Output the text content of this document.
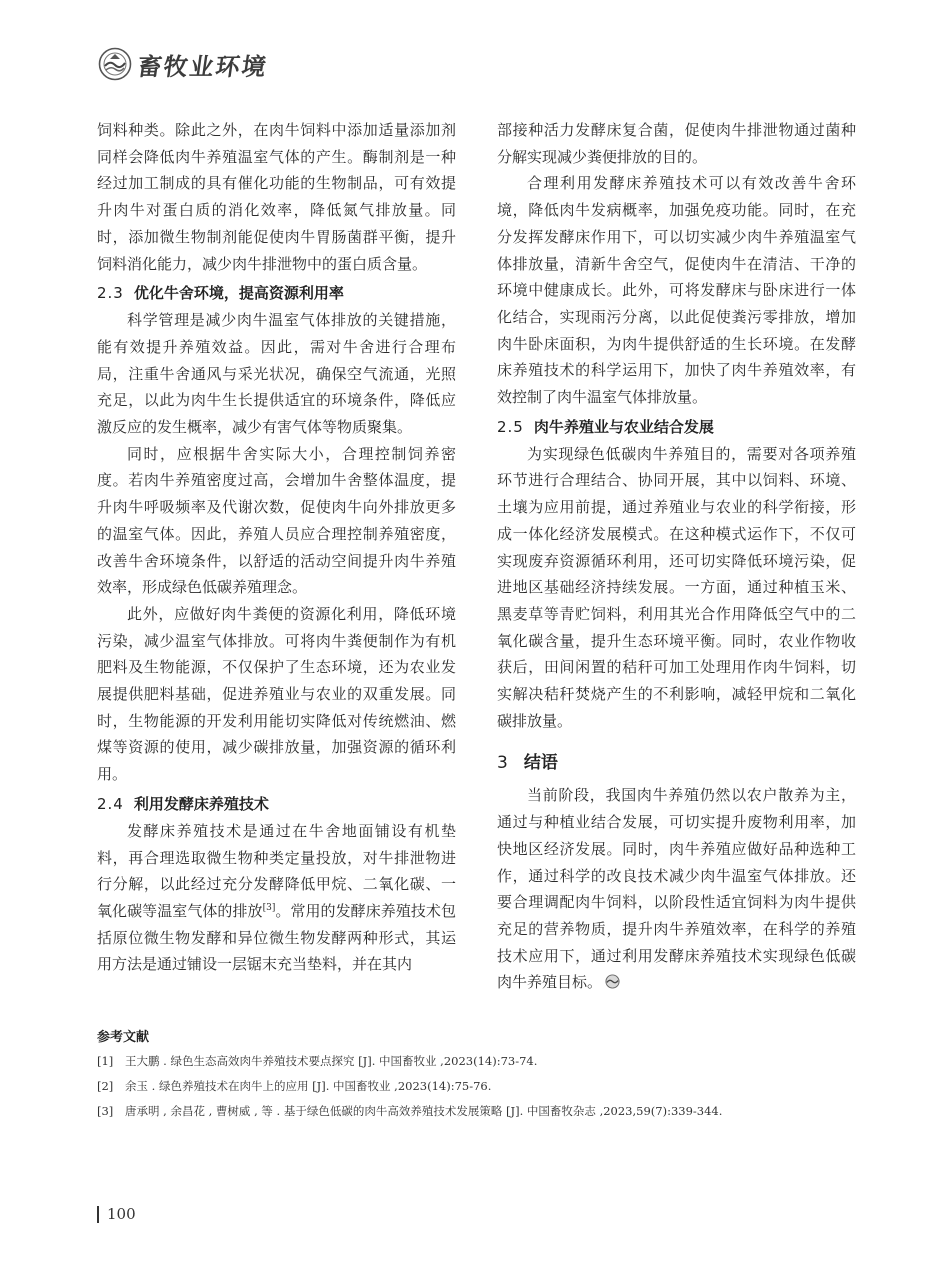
畜牧业环境

饲料种类。除此之外，在肉牛饲料中添加适量添加剂同样会降低肉牛养殖温室气体的产生。酶制剂是一种经过加工制成的具有催化功能的生物制品，可有效提升肉牛对蛋白质的消化效率，降低氮气排放量。同时，添加微生物制剂能促使肉牛胃肠菌群平衡，提升饲料消化能力，减少肉牛排泄物中的蛋白质含量。

2.3 优化牛舍环境，提高资源利用率

科学管理是减少肉牛温室气体排放的关键措施，能有效提升养殖效益。因此，需对牛舍进行合理布局，注重牛舍通风与采光状况，确保空气流通，光照充足，以此为肉牛生长提供适宜的环境条件，降低应激反应的发生概率，减少有害气体等物质聚集。

同时，应根据牛舍实际大小，合理控制饲养密度。若肉牛养殖密度过高，会增加牛舍整体温度，提升肉牛呼吸频率及代谢次数，促使肉牛向外排放更多的温室气体。因此，养殖人员应合理控制养殖密度，改善牛舍环境条件，以舒适的活动空间提升肉牛养殖效率，形成绿色低碳养殖理念。

此外，应做好肉牛粪便的资源化利用，降低环境污染，减少温室气体排放。可将肉牛粪便制作为有机肥料及生物能源，不仅保护了生态环境，还为农业发展提供肥料基础，促进养殖业与农业的双重发展。同时，生物能源的开发利用能切实降低对传统燃油、燃煤等资源的使用，减少碳排放量，加强资源的循环利用。

2.4 利用发酵床养殖技术

发酵床养殖技术是通过在牛舍地面铺设有机垫料，再合理选取微生物种类定量投放，对牛排泄物进行分解，以此经过充分发酵降低甲烷、二氧化碳、一氧化碳等温室气体的排放[3]。常用的发酵床养殖技术包括原位微生物发酵和异位微生物发酵两种形式，其运用方法是通过铺设一层锯末充当垫料，并在其内

部接种活力发酵床复合菌，促使肉牛排泄物通过菌种分解实现减少粪便排放的目的。

合理利用发酵床养殖技术可以有效改善牛舍环境，降低肉牛发病概率，加强免疫功能。同时，在充分发挥发酵床作用下，可以切实减少肉牛养殖温室气体排放量，清新牛舍空气，促使肉牛在清洁、干净的环境中健康成长。此外，可将发酵床与卧床进行一体化结合，实现雨污分离，以此促使粪污零排放，增加肉牛卧床面积，为肉牛提供舒适的生长环境。在发酵床养殖技术的科学运用下，加快了肉牛养殖效率，有效控制了肉牛温室气体排放量。

2.5 肉牛养殖业与农业结合发展

为实现绿色低碳肉牛养殖目的，需要对各项养殖环节进行合理结合、协同开展，其中以饲料、环境、土壤为应用前提，通过养殖业与农业的科学衔接，形成一体化经济发展模式。在这种模式运作下，不仅可实现废弃资源循环利用，还可切实降低环境污染，促进地区基础经济持续发展。一方面，通过种植玉米、黑麦草等青贮饲料，利用其光合作用降低空气中的二氧化碳含量，提升生态环境平衡。同时，农业作物收获后，田间闲置的秸秆可加工处理用作肉牛饲料，切实解决秸秆焚烧产生的不利影响，减轻甲烷和二氧化碳排放量。

3 结语

当前阶段，我国肉牛养殖仍然以农户散养为主，通过与种植业结合发展，可切实提升废物利用率，加快地区经济发展。同时，肉牛养殖应做好品种选种工作，通过科学的改良技术减少肉牛温室气体排放。还要合理调配肉牛饲料，以阶段性适宜饲料为肉牛提供充足的营养物质，提升肉牛养殖效率，在科学的养殖技术应用下，通过利用发酵床养殖技术实现绿色低碳肉牛养殖目标。

参考文献
[1]	王大鹏 . 绿色生态高效肉牛养殖技术要点探究 [J]. 中国畜牧业 ,2023(14):73-74.
[2]	余玉 . 绿色养殖技术在肉牛上的应用 [J]. 中国畜牧业 ,2023(14):75-76.
[3]	唐承明 , 余昌花 , 曹树威 , 等 . 基于绿色低碳的肉牛高效养殖技术发展策略 [J]. 中国畜牧杂志 ,2023,59(7):339-344.
100
